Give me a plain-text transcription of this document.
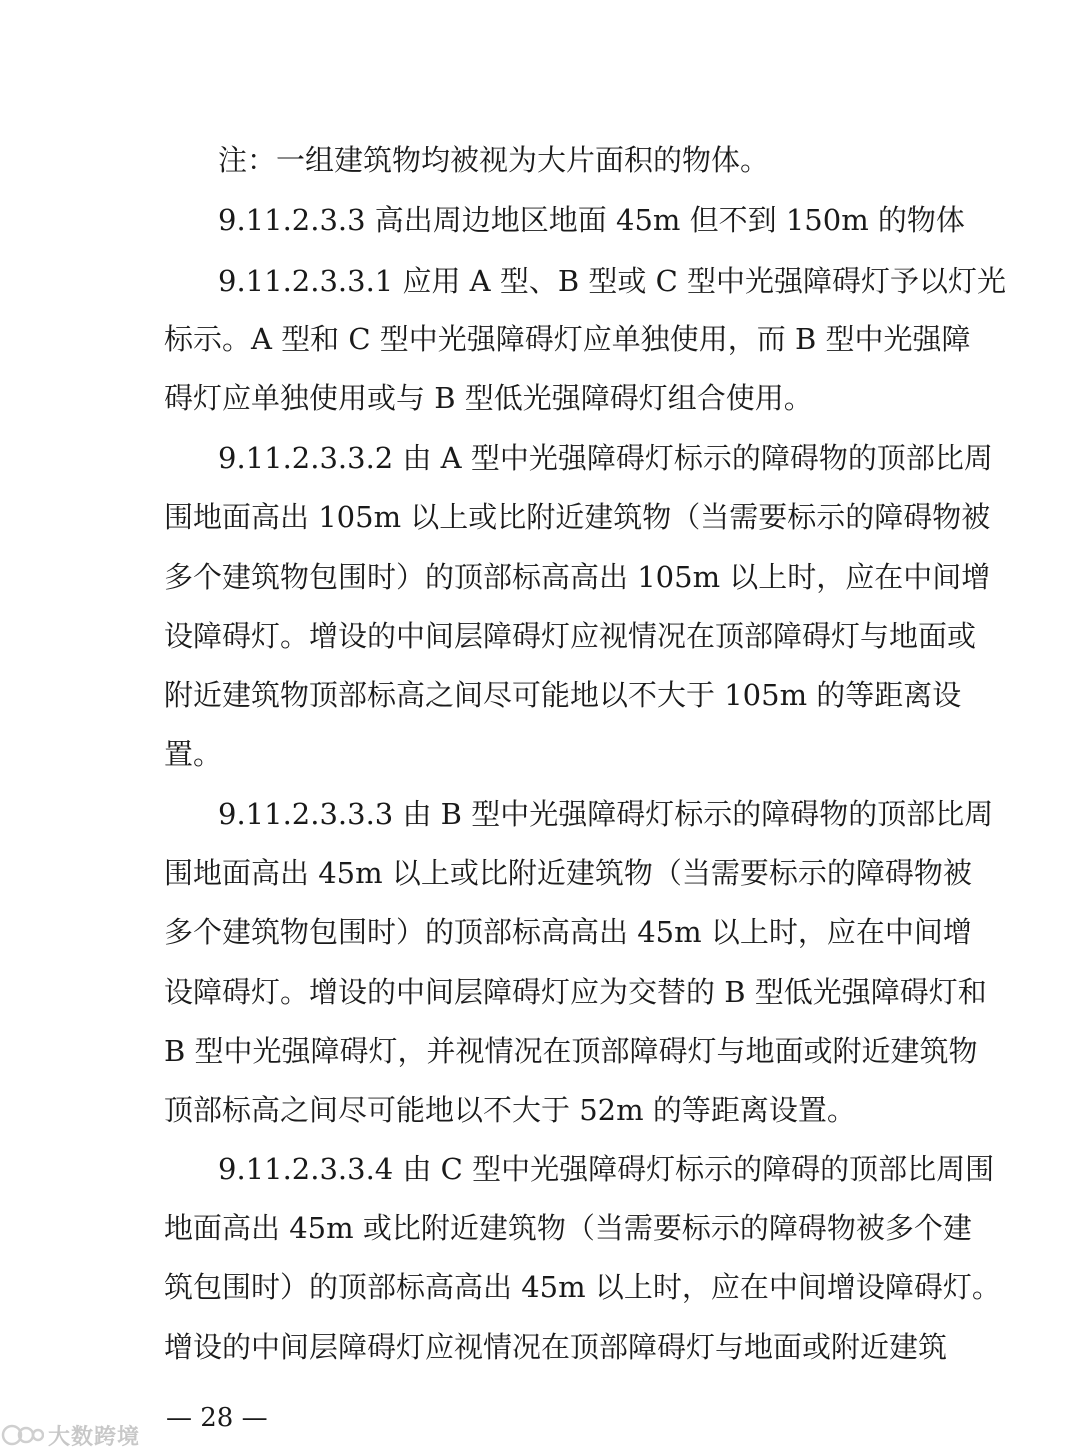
注：一组建筑物均被视为大片面积的物体。
9.11.2.3.3 高出周边地区地面 45m 但不到 150m 的物体
9.11.2.3.3.1 应用 A 型、B 型或 C 型中光强障碍灯予以灯光
标示。A 型和 C 型中光强障碍灯应单独使用，而 B 型中光强障
碍灯应单独使用或与 B 型低光强障碍灯组合使用。
9.11.2.3.3.2 由 A 型中光强障碍灯标示的障碍物的顶部比周
围地面高出 105m 以上或比附近建筑物（当需要标示的障碍物被
多个建筑物包围时）的顶部标高高出 105m 以上时，应在中间增
设障碍灯。增设的中间层障碍灯应视情况在顶部障碍灯与地面或
附近建筑物顶部标高之间尽可能地以不大于 105m 的等距离设
置。
9.11.2.3.3.3 由 B 型中光强障碍灯标示的障碍物的顶部比周
围地面高出 45m 以上或比附近建筑物（当需要标示的障碍物被
多个建筑物包围时）的顶部标高高出 45m 以上时，应在中间增
设障碍灯。增设的中间层障碍灯应为交替的 B 型低光强障碍灯和
B 型中光强障碍灯，并视情况在顶部障碍灯与地面或附近建筑物
顶部标高之间尽可能地以不大于 52m 的等距离设置。
9.11.2.3.3.4 由 C 型中光强障碍灯标示的障碍的顶部比周围
地面高出 45m 或比附近建筑物（当需要标示的障碍物被多个建
筑包围时）的顶部标高高出 45m 以上时，应在中间增设障碍灯。
增设的中间层障碍灯应视情况在顶部障碍灯与地面或附近建筑
— 28 —
大数跨境
